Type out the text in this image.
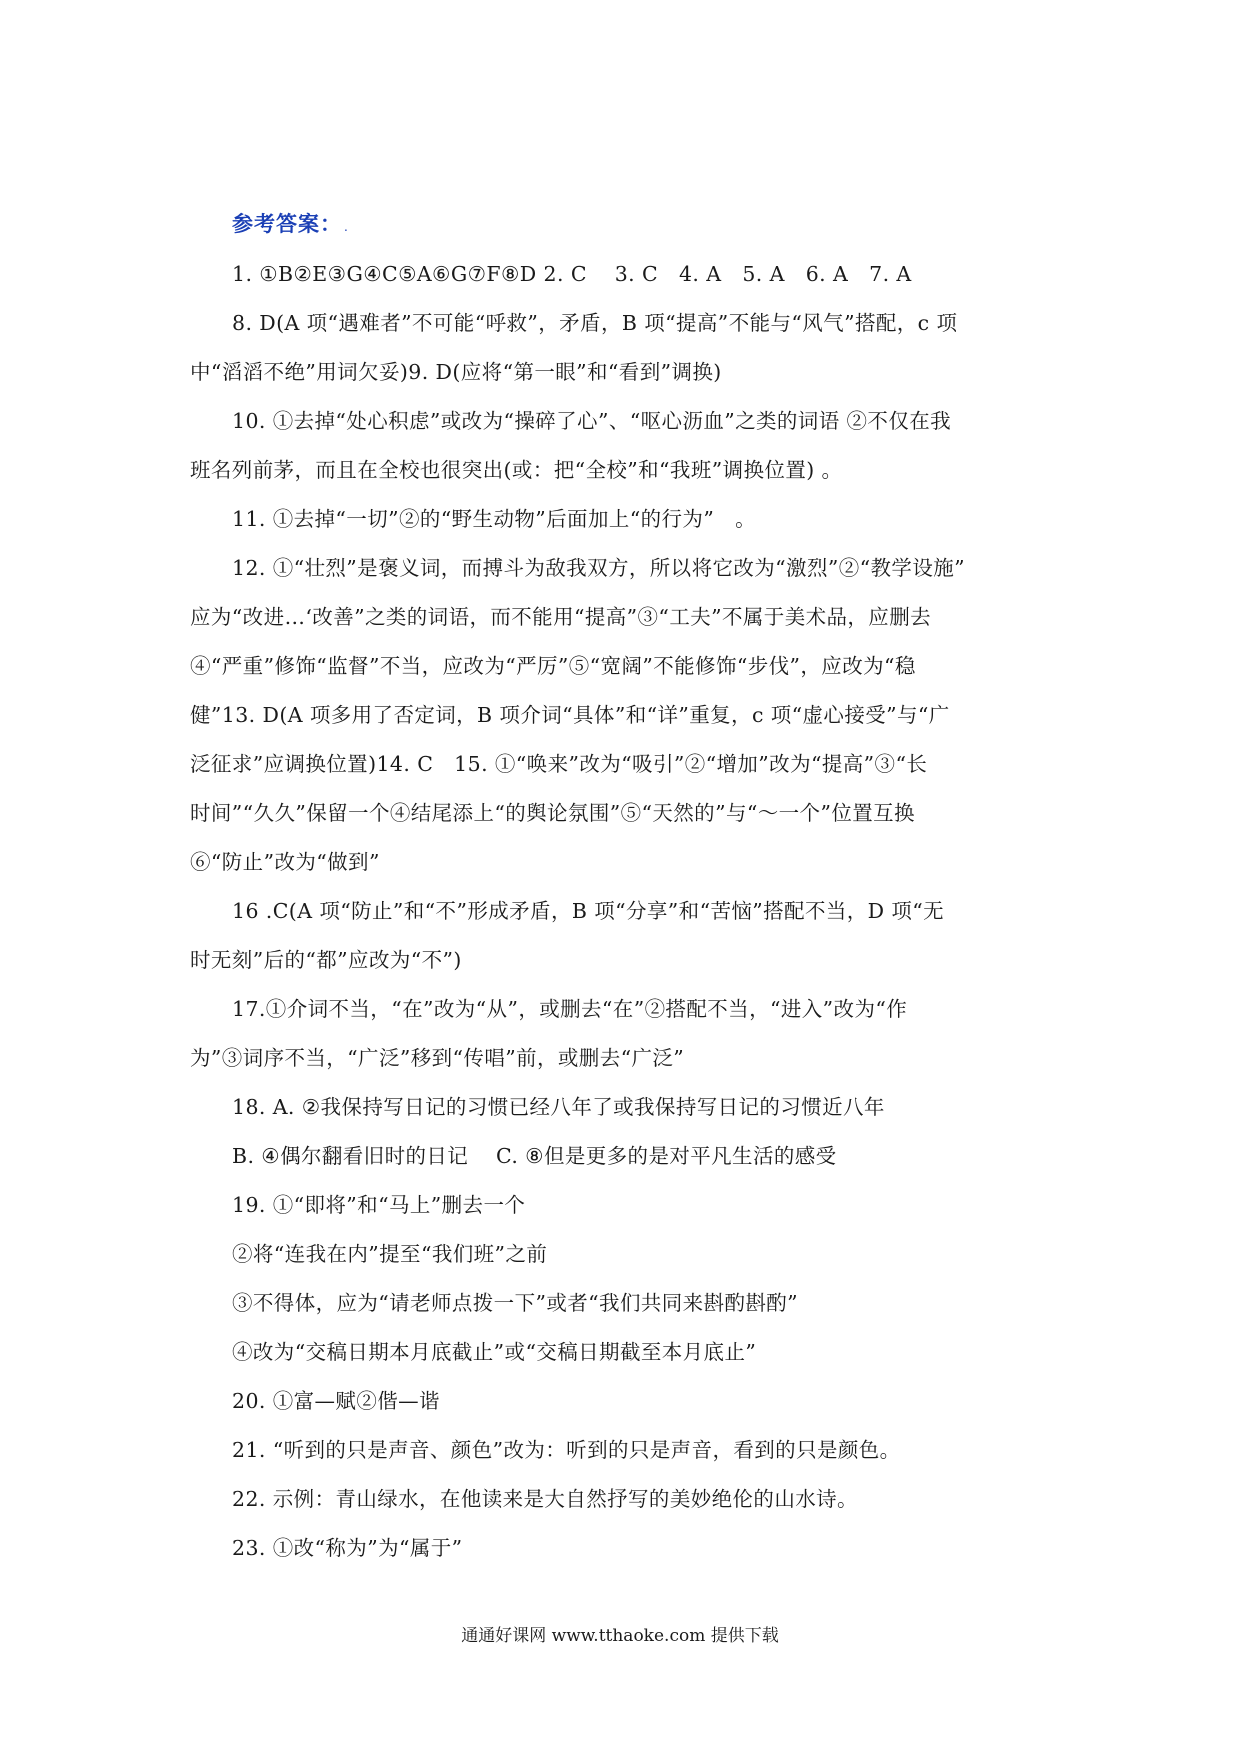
参考答案： .
1. ①B②E③G④C⑤A⑥G⑦F⑧D 2. C　 3. C　4. A　5. A　6. A　7. A
8. D(A 项“遇难者”不可能“呼救”，矛盾，B 项“提高”不能与“风气”搭配，c 项
中“滔滔不绝”用词欠妥)9. D(应将“第一眼”和“看到”调换)
10. ①去掉“处心积虑”或改为“操碎了心”、“呕心沥血”之类的词语 ②不仅在我
班名列前茅，而且在全校也很突出(或：把“全校”和“我班”调换位置) 。
11. ①去掉“一切”②的“野生动物”后面加上“的行为”　。
12. ①“壮烈”是褒义词，而搏斗为敌我双方，所以将它改为“激烈”②“教学设施”
应为“改进…‘改善”之类的词语，而不能用“提高”③“工夫”不属于美术品，应删去
④“严重”修饰“监督”不当，应改为“严厉”⑤“宽阔”不能修饰“步伐”，应改为“稳
健”13. D(A 项多用了否定词，B 项介词“具体”和“详”重复，c 项“虚心接受”与“广
泛征求”应调换位置)14. C　15. ①“唤来”改为“吸引”②“增加”改为“提高”③“长
时间”“久久”保留一个④结尾添上“的舆论氛围”⑤“天然的”与“～一个”位置互换
⑥“防止”改为“做到”
16 .C(A 项“防止”和“不”形成矛盾，B 项“分享”和“苦恼”搭配不当，D 项“无
时无刻”后的“都”应改为“不”)
17.①介词不当，“在”改为“从”，或删去“在”②搭配不当，“进入”改为“作
为”③词序不当，“广泛”移到“传唱”前，或删去“广泛”
18. A. ②我保持写日记的习惯已经八年了或我保持写日记的习惯近八年
B. ④偶尔翻看旧时的日记　 C. ⑧但是更多的是对平凡生活的感受
19. ①“即将”和“马上”删去一个
②将“连我在内”提至“我们班”之前
③不得体，应为“请老师点拨一下”或者“我们共同来斟酌斟酌”
④改为“交稿日期本月底截止”或“交稿日期截至本月底止”
20. ①富—赋②偕—谐
21. “听到的只是声音、颜色”改为：听到的只是声音，看到的只是颜色。
22. 示例：青山绿水，在他读来是大自然抒写的美妙绝伦的山水诗。
23. ①改“称为”为“属于”
通通好课网 www.tthaoke.com 提供下载
